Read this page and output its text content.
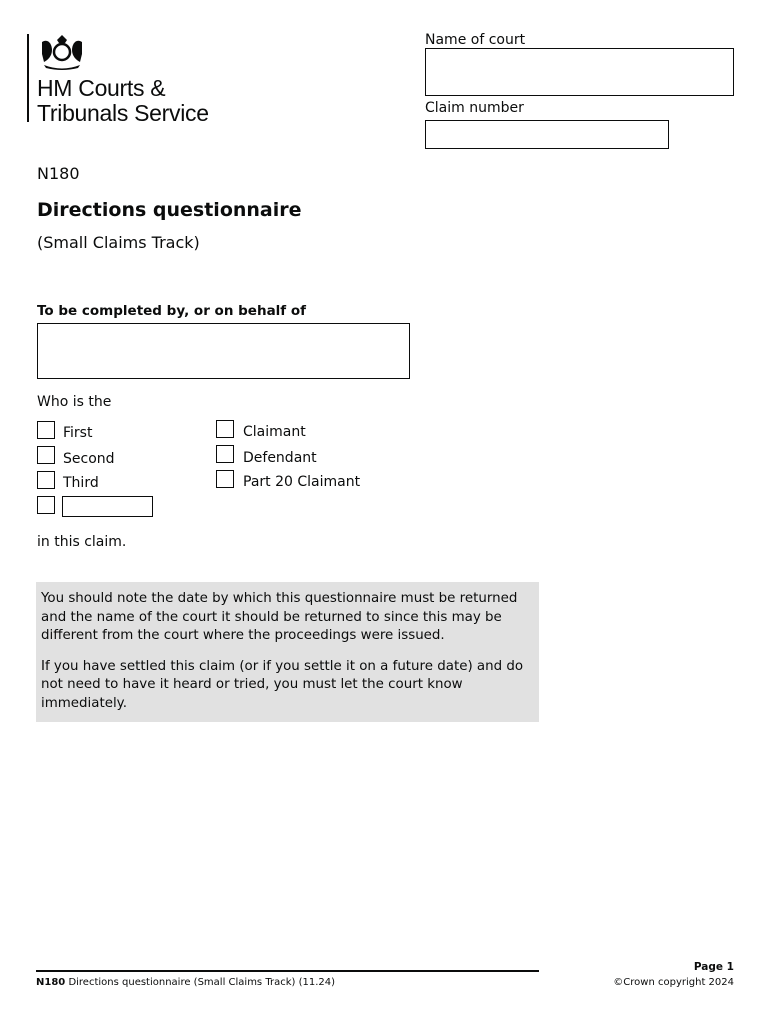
HM Courts &
Tribunals Service
Name of court
Claim number
N180
Directions questionnaire
(Small Claims Track)
To be completed by, or on behalf of
Who is the
First
Second
Third
Claimant
Defendant
Part 20 Claimant
in this claim.

You should note the date by which this questionnaire must be returned and the name of the court it should be returned to since this may be different from the court where the proceedings were issued.

If you have settled this claim (or if you settle it on a future date) and do not need to have it heard or tried, you must let the court know immediately.

N180 Directions questionnaire (Small Claims Track) (11.24)
Page 1
©Crown copyright 2024
